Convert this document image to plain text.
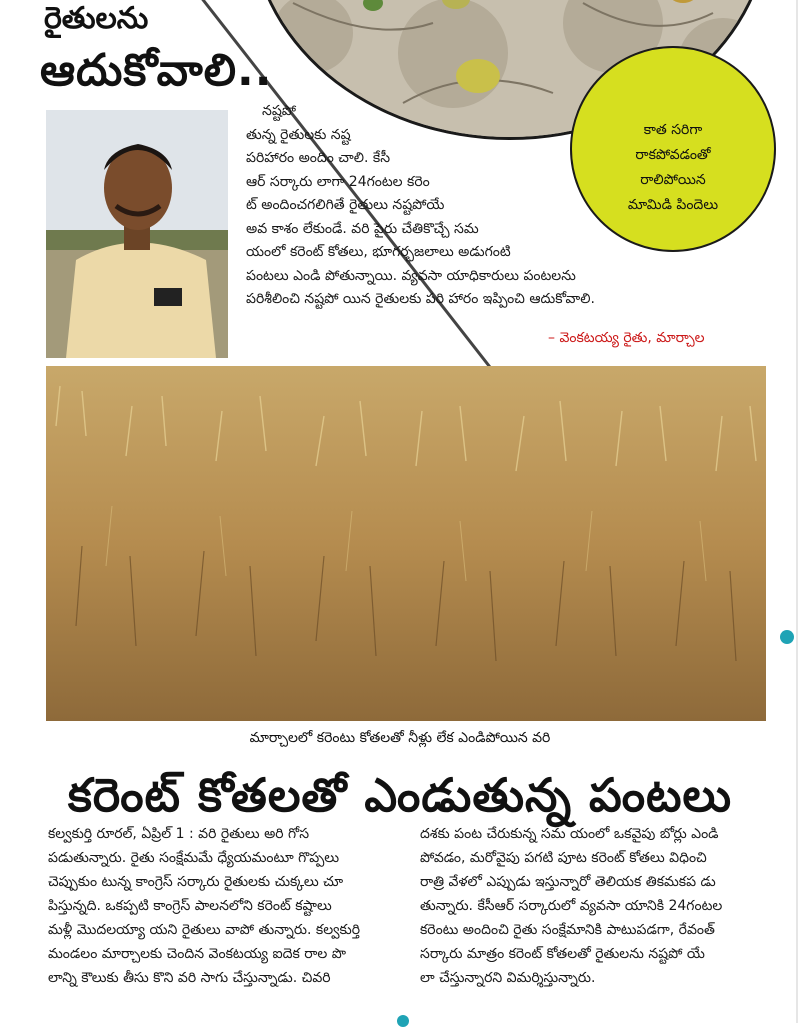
కాత సరిగా
రాకపోవడంతో
రాలిపోయిన
మామిడి పిందెలు
రైతులను
ఆదుకోవాలి..
నష్టపో
తున్న రైతులకు నష్ట
పరిహారం అందిం చాలి. కేసీ
ఆర్ సర్కారు లాగా 24గంటల కరెం
ట్ అందించగలిగితే రైతులు నష్టపోయే
అవ కాశం లేకుండే. వరి పైరు చేతికొచ్చే సమ
యంలో కరెంట్ కోతలు, భూగర్భజలాలు అడుగంటి
పంటలు ఎండి పోతున్నాయి. వ్యవసా యాధికారులు పంటలను
పరిశీలించి నష్టపో యిన రైతులకు పరి హారం ఇప్పించి ఆదుకోవాలి.
– వెంకటయ్య రైతు, మార్చాల
మార్చాలలో కరెంటు కోతలతో నీళ్లు లేక ఎండిపోయిన వరి
కరెంట్ కోతలతో ఎండుతున్న పంటలు
కల్వకుర్తి రూరల్, ఏప్రిల్ 1 : వరి రైతులు అరి గోస
పడుతున్నారు. రైతు సంక్షేమమే ధ్యేయమంటూ గొప్పలు
చెప్పుకుం టున్న కాంగ్రెస్ సర్కారు రైతులకు చుక్కలు చూ
పిస్తున్నది. ఒకప్పటి కాంగ్రెస్ పాలనలోని కరెంట్ కష్టాలు
మళ్లీ మొదలయ్యా యని రైతులు వాపో తున్నారు. కల్వకుర్తి
మండలం మార్చాలకు చెందిన వెంకటయ్య ఐదెక రాల పొ
లాన్ని కౌలుకు తీసు కొని వరి సాగు చేస్తున్నాడు. చివరి
దశకు పంట చేరుకున్న సమ యంలో ఒకవైపు బోర్లు ఎండి
పోవడం, మరోవైపు పగటి పూట కరెంట్ కోతలు విధించి
రాత్రి వేళలో ఎప్పుడు ఇస్తున్నారో తెలియక తికమకప డు
తున్నారు. కేసీఆర్ సర్కారులో వ్యవసా యానికి 24గంటల
కరెంటు అందించి రైతు సంక్షేమానికి పాటుపడగా, రేవంత్
సర్కారు మాత్రం కరెంట్ కోతలతో రైతులను నష్టపో యే
లా చేస్తున్నారని విమర్శిస్తున్నారు.
